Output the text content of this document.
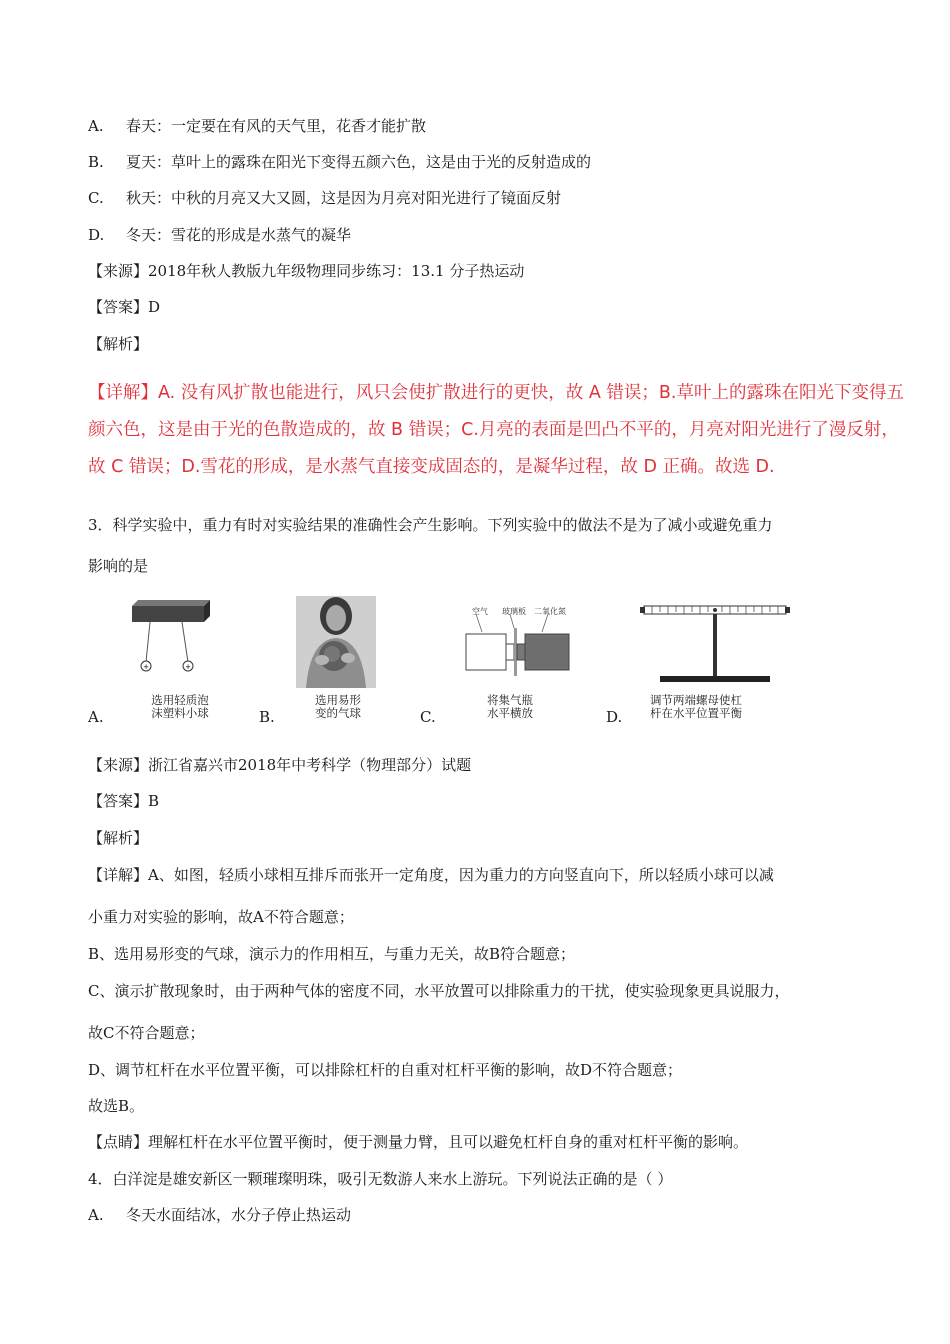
A. 春天：一定要在有风的天气里，花香才能扩散
B. 夏天：草叶上的露珠在阳光下变得五颜六色，这是由于光的反射造成的
C. 秋天：中秋的月亮又大又圆，这是因为月亮对阳光进行了镜面反射
D. 冬天：雪花的形成是水蒸气的凝华
【来源】2018年秋人教版九年级物理同步练习：13.1 分子热运动
【答案】D
【解析】
【详解】A. 没有风扩散也能进行，风只会使扩散进行的更快，故 A 错误；B.草叶上的露珠在阳光下变得五
颜六色，这是由于光的色散造成的，故 B 错误；C.月亮的表面是凹凸不平的，月亮对阳光进行了漫反射，
故 C 错误；D.雪花的形成，是水蒸气直接变成固态的，是凝华过程，故 D 正确。故选 D.
3．科学实验中，重力有时对实验结果的准确性会产生影响。下列实验中的做法不是为了减小或避免重力
影响的是
A.
+	+
选用轻质泡
沫塑料小球	B.
选用易形
变的气球	C.
空气 玻璃板 二氧化氮
将集气瓶
水平横放	D.
调节两端螺母使杠
杆在水平位置平衡
【来源】浙江省嘉兴市2018年中考科学（物理部分）试题
【答案】B
【解析】
【详解】A、如图，轻质小球相互排斥而张开一定角度，因为重力的方向竖直向下，所以轻质小球可以减
小重力对实验的影响，故A不符合题意；
B、选用易形变的气球，演示力的作用相互，与重力无关，故B符合题意；
C、演示扩散现象时，由于两种气体的密度不同，水平放置可以排除重力的干扰，使实验现象更具说服力，
故C不符合题意；
D、调节杠杆在水平位置平衡，可以排除杠杆的自重对杠杆平衡的影响，故D不符合题意；
故选B。
【点睛】理解杠杆在水平位置平衡时，便于测量力臂，且可以避免杠杆自身的重对杠杆平衡的影响。
4．白洋淀是雄安新区一颗璀璨明珠，吸引无数游人来水上游玩。下列说法正确的是（ ）
A. 冬天水面结冰，水分子停止热运动
